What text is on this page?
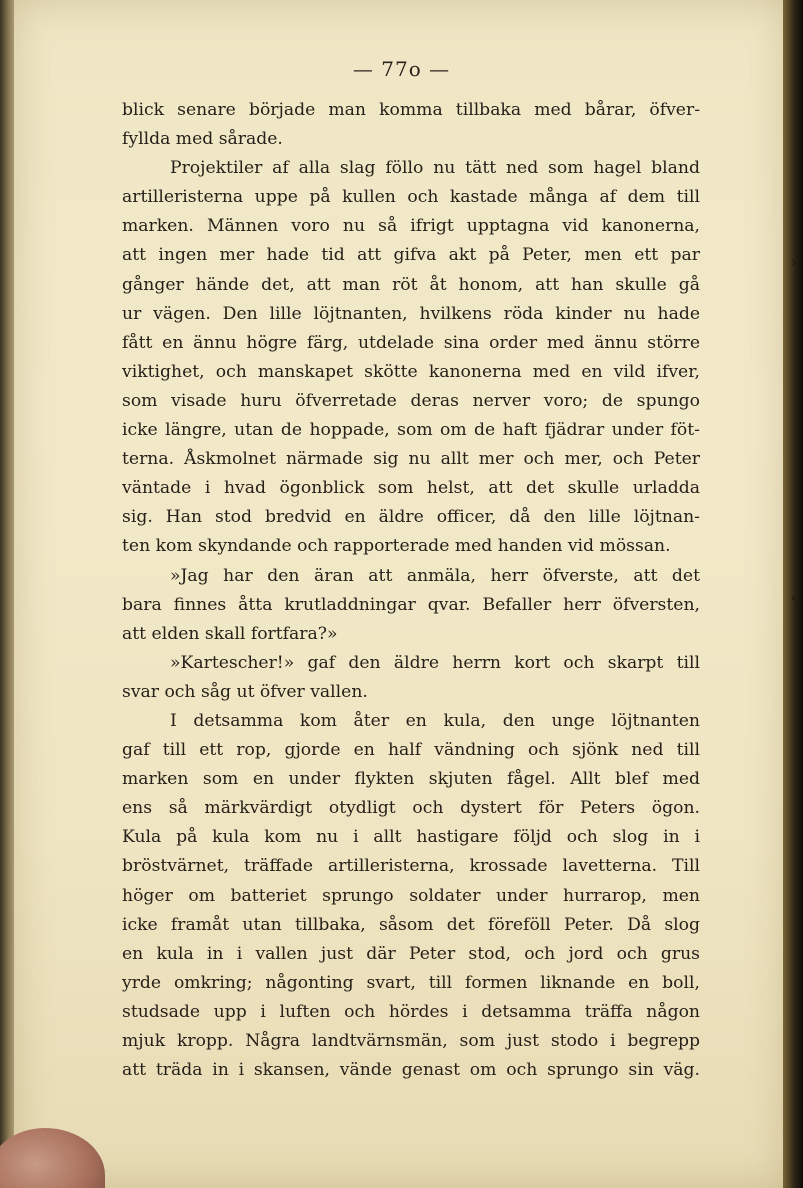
›
‹
— 77o —
blick senare började man komma tillbaka med bårar, öfver-
fyllda med sårade.
Projektiler af alla slag föllo nu tätt ned som hagel bland
artilleristerna uppe på kullen och kastade många af dem till
marken. Männen voro nu så ifrigt upptagna vid kanonerna,
att ingen mer hade tid att gifva akt på Peter, men ett par
gånger hände det, att man röt åt honom, att han skulle gå
ur vägen. Den lille löjtnanten, hvilkens röda kinder nu hade
fått en ännu högre färg, utdelade sina order med ännu större
viktighet, och manskapet skötte kanonerna med en vild ifver,
som visade huru öfverretade deras nerver voro; de spungo
icke längre, utan de hoppade, som om de haft fjädrar under föt-
terna. Åskmolnet närmade sig nu allt mer och mer, och Peter
väntade i hvad ögonblick som helst, att det skulle urladda
sig. Han stod bredvid en äldre officer, då den lille löjtnan-
ten kom skyndande och rapporterade med handen vid mössan.
»Jag har den äran att anmäla, herr öfverste, att det
bara finnes åtta krutladdningar qvar. Befaller herr öfversten,
att elden skall fortfara?»
»Kartescher!» gaf den äldre herrn kort och skarpt till
svar och såg ut öfver vallen.
I detsamma kom åter en kula, den unge löjtnanten
gaf till ett rop, gjorde en half vändning och sjönk ned till
marken som en under flykten skjuten fågel. Allt blef med
ens så märkvärdigt otydligt och dystert för Peters ögon.
Kula på kula kom nu i allt hastigare följd och slog in i
bröstvärnet, träffade artilleristerna, krossade lavetterna. Till
höger om batteriet sprungo soldater under hurrarop, men
icke framåt utan tillbaka, såsom det föreföll Peter. Då slog
en kula in i vallen just där Peter stod, och jord och grus
yrde omkring; någonting svart, till formen liknande en boll,
studsade upp i luften och hördes i detsamma träffa någon
mjuk kropp. Några landtvärnsmän, som just stodo i begrepp
att träda in i skansen, vände genast om och sprungo sin väg.
